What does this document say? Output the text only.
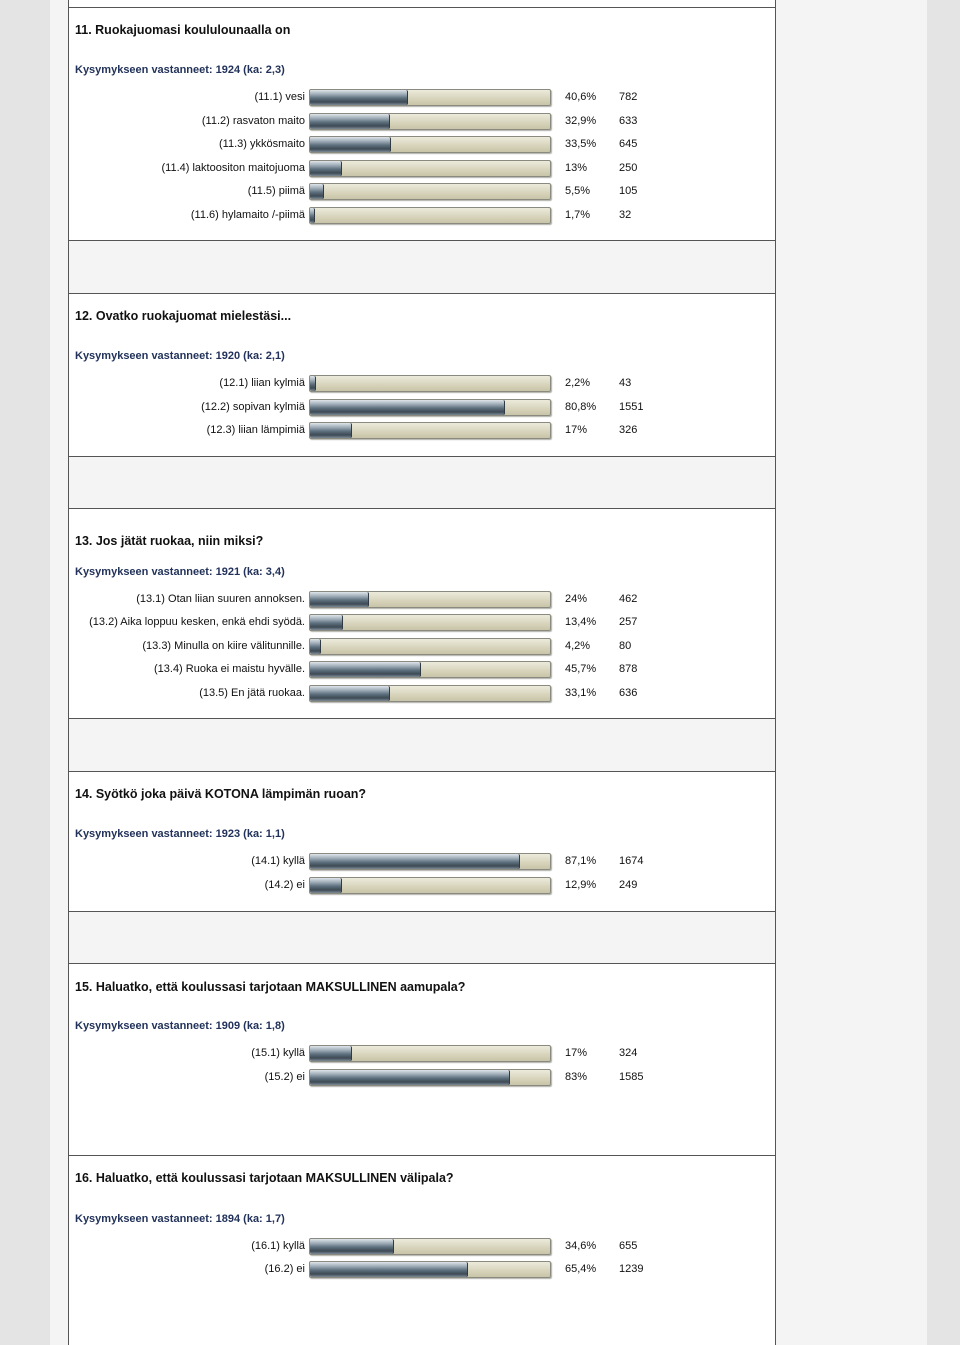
11. Ruokajuomasi koululounaalla on
Kysymykseen vastanneet: 1924 (ka: 2,3)
(11.1) vesi	40,6% 782
(11.2) rasvaton maito	32,9% 633
(11.3) ykkösmaito	33,5% 645
(11.4) laktoositon maitojuoma	13%	250
(11.5) piimä	5,5%	105
(11.6) hylamaito /-piimä	1,7%	32
12. Ovatko ruokajuomat mielestäsi...
Kysymykseen vastanneet: 1920 (ka: 2,1)
(12.1) liian kylmiä	2,2%	43
(12.2) sopivan kylmiä	80,8% 1551
(12.3) liian lämpimiä	17%	326
13. Jos jätät ruokaa, niin miksi?
Kysymykseen vastanneet: 1921 (ka: 3,4)
(13.1) Otan liian suuren annoksen.	24%	462
(13.2) Aika loppuu kesken, enkä ehdi syödä.	13,4% 257
(13.3) Minulla on kiire välitunnille.	4,2%	80
(13.4) Ruoka ei maistu hyvälle.	45,7% 878
(13.5) En jätä ruokaa.	33,1% 636
14. Syötkö joka päivä KOTONA lämpimän ruoan?
Kysymykseen vastanneet: 1923 (ka: 1,1)
(14.1) kyllä	87,1% 1674
(14.2) ei	12,9% 249
15. Haluatko, että koulussasi tarjotaan MAKSULLINEN aamupala?
Kysymykseen vastanneet: 1909 (ka: 1,8)
(15.1) kyllä	17%	324
(15.2) ei	83%	1585
16. Haluatko, että koulussasi tarjotaan MAKSULLINEN välipala?
Kysymykseen vastanneet: 1894 (ka: 1,7)
(16.1) kyllä	34,6% 655
(16.2) ei	65,4% 1239
